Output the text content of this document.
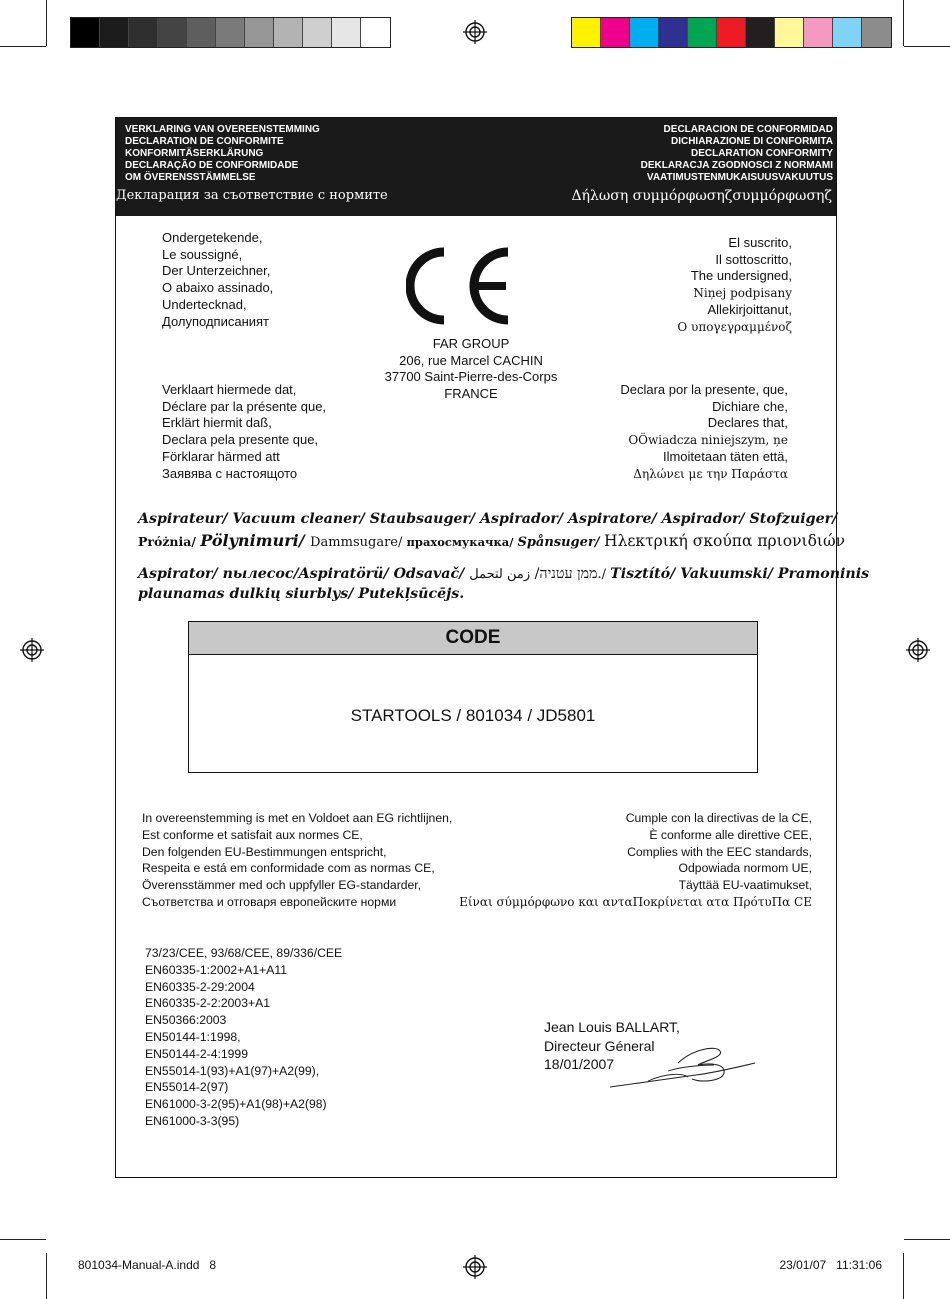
VERKLARING VAN OVEREENSTEMMING
DECLARATION DE CONFORMITE
KONFORMITÄSERKLÄRUNG
DECLARAÇÃO DE CONFORMIDADE
OM ÖVERENSSTÄMMELSE
DECLARACION DE CONFORMIDAD
DICHIARAZIONE DI CONFORMITA
DECLARATION CONFORMITY
DEKLARACJA ZGODNOSCI Z NORMAMI
VAATIMUSTENMUKAISUUSVAKUUTUS
Декларация за съответствие с нормите	Δήλωση συμμόρφωσηζσυμμόρφωσηζ
Ondergetekende,
Le soussigné,
Der Unterzeichner,
O abaixo assinado,
Undertecknad,
Долуподписаният
El suscrito,
Il sottoscritto,
The undersigned,
Niņej podpisany
Allekirjoittanut,
Ο υπογεγραμμένοζ
FAR GROUP
206, rue Marcel CACHIN
37700 Saint-Pierre-des-Corps
FRANCE
Verklaart hiermede dat,
Déclare par la présente que,
Erklärt hiermit daß,
Declara pela presente que,
Förklarar härmed att
Заявява с настоящото
Declara por la presente, que,
Dichiare che,
Declares that,
OÖwiadcza niniejszym, ņe
Ilmoitetaan täten että,
Δηλώνει με την Παράστα
Aspirateur/ Vacuum cleaner/ Staubsauger/ Aspirador/ Aspiratore/ Aspirador/ Stofzuiger/
Próżnia/ Pölynimuri/ Dammsugare/ прахосмукачка/ Spånsuger/ Ηλεκτρική σκούπα πριονιδιών
Aspirator/ пылесос/Aspiratörü/ Odsavač/	ממן עטניה/ زمن لتحمل./ Tisztító/ Vakuumski/ Pramoninis
plaunamas dulkių siurblys/ Putekļsūcējs.
CODE
STARTOOLS / 801034 / JD5801
In overeenstemming is met en Voldoet aan EG richtlijnen,
Est conforme et satisfait aux normes CE,
Den folgenden EU-Bestimmungen entspricht,
Respeita e está em conformidade com as normas CE,
Överensstämmer med och uppfyller EG-standarder,
Съответства и отговаря европейските норми
Cumple con la directivas de la CE,
È conforme alle direttive CEE,
Complies with the EEC standards,
Odpowiada normom UE,
Täyttää EU-vaatimukset,
Είναι σύμμόρφωνο και ανταΠοκρίνεται ατα ΠρότυΠα CE
73/23/CEE, 93/68/CEE, 89/336/CEE
EN60335-1:2002+A1+A11
EN60335-2-29:2004
EN60335-2-2:2003+A1
EN50366:2003
EN50144-1:1998,
EN50144-2-4:1999
EN55014-1(93)+A1(97)+A2(99),
EN55014-2(97)
EN61000-3-2(95)+A1(98)+A2(98)
EN61000-3-3(95)
Jean Louis BALLART,
Directeur Géneral
18/01/2007
801034-Manual-A.indd   8	23/01/07   11:31:06
